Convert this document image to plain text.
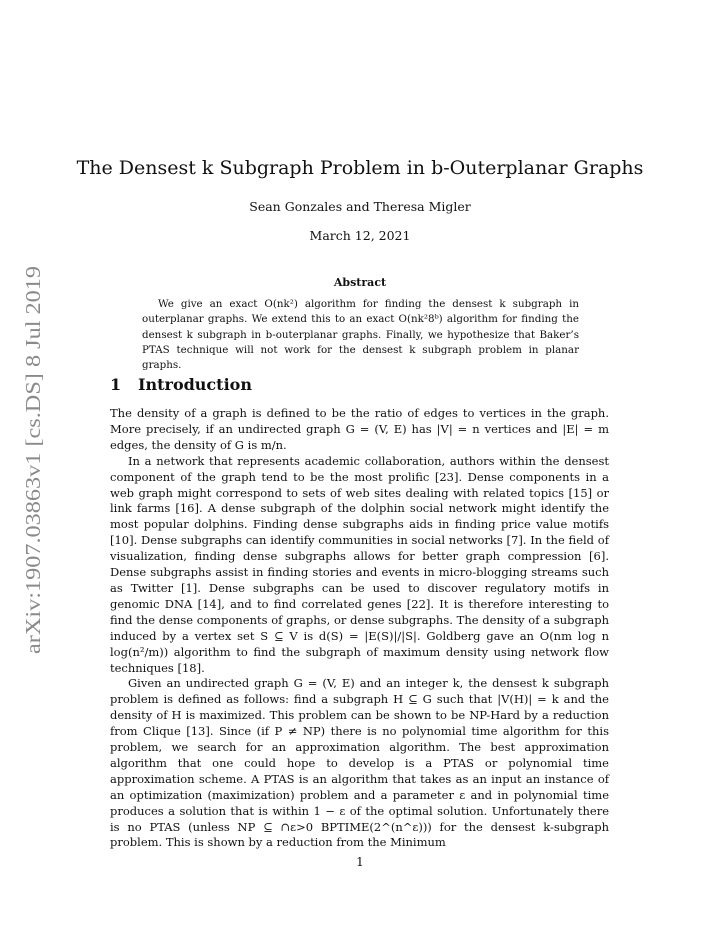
arXiv:1907.03863v1 [cs.DS] 8 Jul 2019
The Densest k Subgraph Problem in b-Outerplanar Graphs
Sean Gonzales and Theresa Migler
March 12, 2021
Abstract

We give an exact O(nk²) algorithm for finding the densest k subgraph in outerplanar graphs. We extend this to an exact O(nk²8ᵇ) algorithm for finding the densest k subgraph in b-outerplanar graphs. Finally, we hypothesize that Baker’s PTAS technique will not work for the densest k subgraph problem in planar graphs.

1 Introduction

The density of a graph is defined to be the ratio of edges to vertices in the graph. More precisely, if an undirected graph G = (V, E) has |V| = n vertices and |E| = m edges, the density of G is m/n.

In a network that represents academic collaboration, authors within the densest component of the graph tend to be the most prolific [23]. Dense components in a web graph might correspond to sets of web sites dealing with related topics [15] or link farms [16]. A dense subgraph of the dolphin social network might identify the most popular dolphins. Finding dense subgraphs aids in finding price value motifs [10]. Dense subgraphs can identify communities in social networks [7]. In the field of visualization, finding dense subgraphs allows for better graph compression [6]. Dense subgraphs assist in finding stories and events in micro-blogging streams such as Twitter [1]. Dense subgraphs can be used to discover regulatory motifs in genomic DNA [14], and to find correlated genes [22]. It is therefore interesting to find the dense components of graphs, or dense subgraphs. The density of a subgraph induced by a vertex set S ⊆ V is d(S) = |E(S)|/|S|. Goldberg gave an O(nm log n log(n²/m)) algorithm to find the subgraph of maximum density using network flow techniques [18].

Given an undirected graph G = (V, E) and an integer k, the densest k subgraph problem is defined as follows: find a subgraph H ⊆ G such that |V(H)| = k and the density of H is maximized. This problem can be shown to be NP-Hard by a reduction from Clique [13]. Since (if P ≠ NP) there is no polynomial time algorithm for this problem, we search for an approximation algorithm. The best approximation algorithm that one could hope to develop is a PTAS or polynomial time approximation scheme. A PTAS is an algorithm that takes as an input an instance of an optimization (maximization) problem and a parameter ε and in polynomial time produces a solution that is within 1 − ε of the optimal solution. Unfortunately there is no PTAS (unless NP ⊆ ∩ε>0 BPTIME(2^(n^ε))) for the densest k-subgraph problem. This is shown by a reduction from the Minimum

1
